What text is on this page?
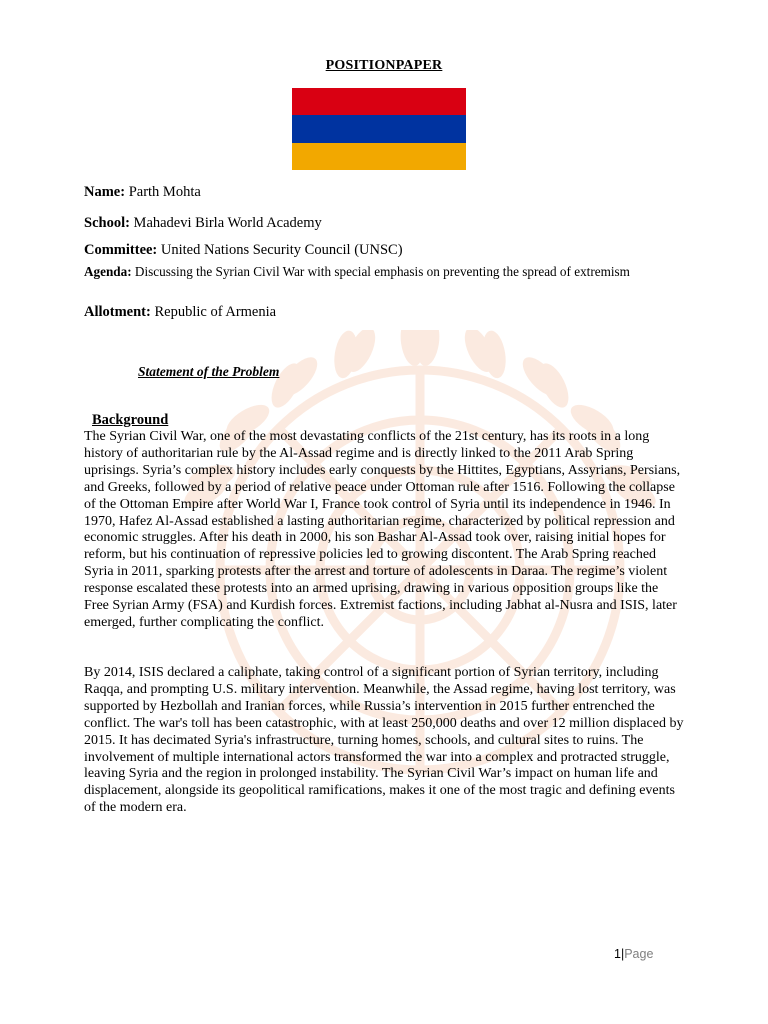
POSITIONPAPER
Name: Parth Mohta
School: Mahadevi Birla World Academy
Committee: United Nations Security Council (UNSC)
Agenda: Discussing the Syrian Civil War with special emphasis on preventing the spread of extremism
Allotment: Republic of Armenia
Statement of the Problem
Background

The Syrian Civil War, one of the most devastating conflicts of the 21st century, has its roots in a long history of authoritarian rule by the Al-Assad regime and is directly linked to the 2011 Arab Spring uprisings. Syria’s complex history includes early conquests by the Hittites, Egyptians, Assyrians, Persians, and Greeks, followed by a period of relative peace under Ottoman rule after 1516. Following the collapse of the Ottoman Empire after World War I, France took control of Syria until its independence in 1946. In 1970, Hafez Al-Assad established a lasting authoritarian regime, characterized by political repression and economic struggles. After his death in 2000, his son Bashar Al-Assad took over, raising initial hopes for reform, but his continuation of repressive policies led to growing discontent. The Arab Spring reached Syria in 2011, sparking protests after the arrest and torture of adolescents in Daraa. The regime’s violent response escalated these protests into an armed uprising, drawing in various opposition groups like the Free Syrian Army (FSA) and Kurdish forces. Extremist factions, including Jabhat al-Nusra and ISIS, later emerged, further complicating the conflict.

By 2014, ISIS declared a caliphate, taking control of a significant portion of Syrian territory, including Raqqa, and prompting U.S. military intervention. Meanwhile, the Assad regime, having lost territory, was supported by Hezbollah and Iranian forces, while Russia’s intervention in 2015 further entrenched the conflict. The war's toll has been catastrophic, with at least 250,000 deaths and over 12 million displaced by 2015. It has decimated Syria's infrastructure, turning homes, schools, and cultural sites to ruins. The involvement of multiple international actors transformed the war into a complex and protracted struggle, leaving Syria and the region in prolonged instability. The Syrian Civil War’s impact on human life and displacement, alongside its geopolitical ramifications, makes it one of the most tragic and defining events of the modern era.

1|Page
